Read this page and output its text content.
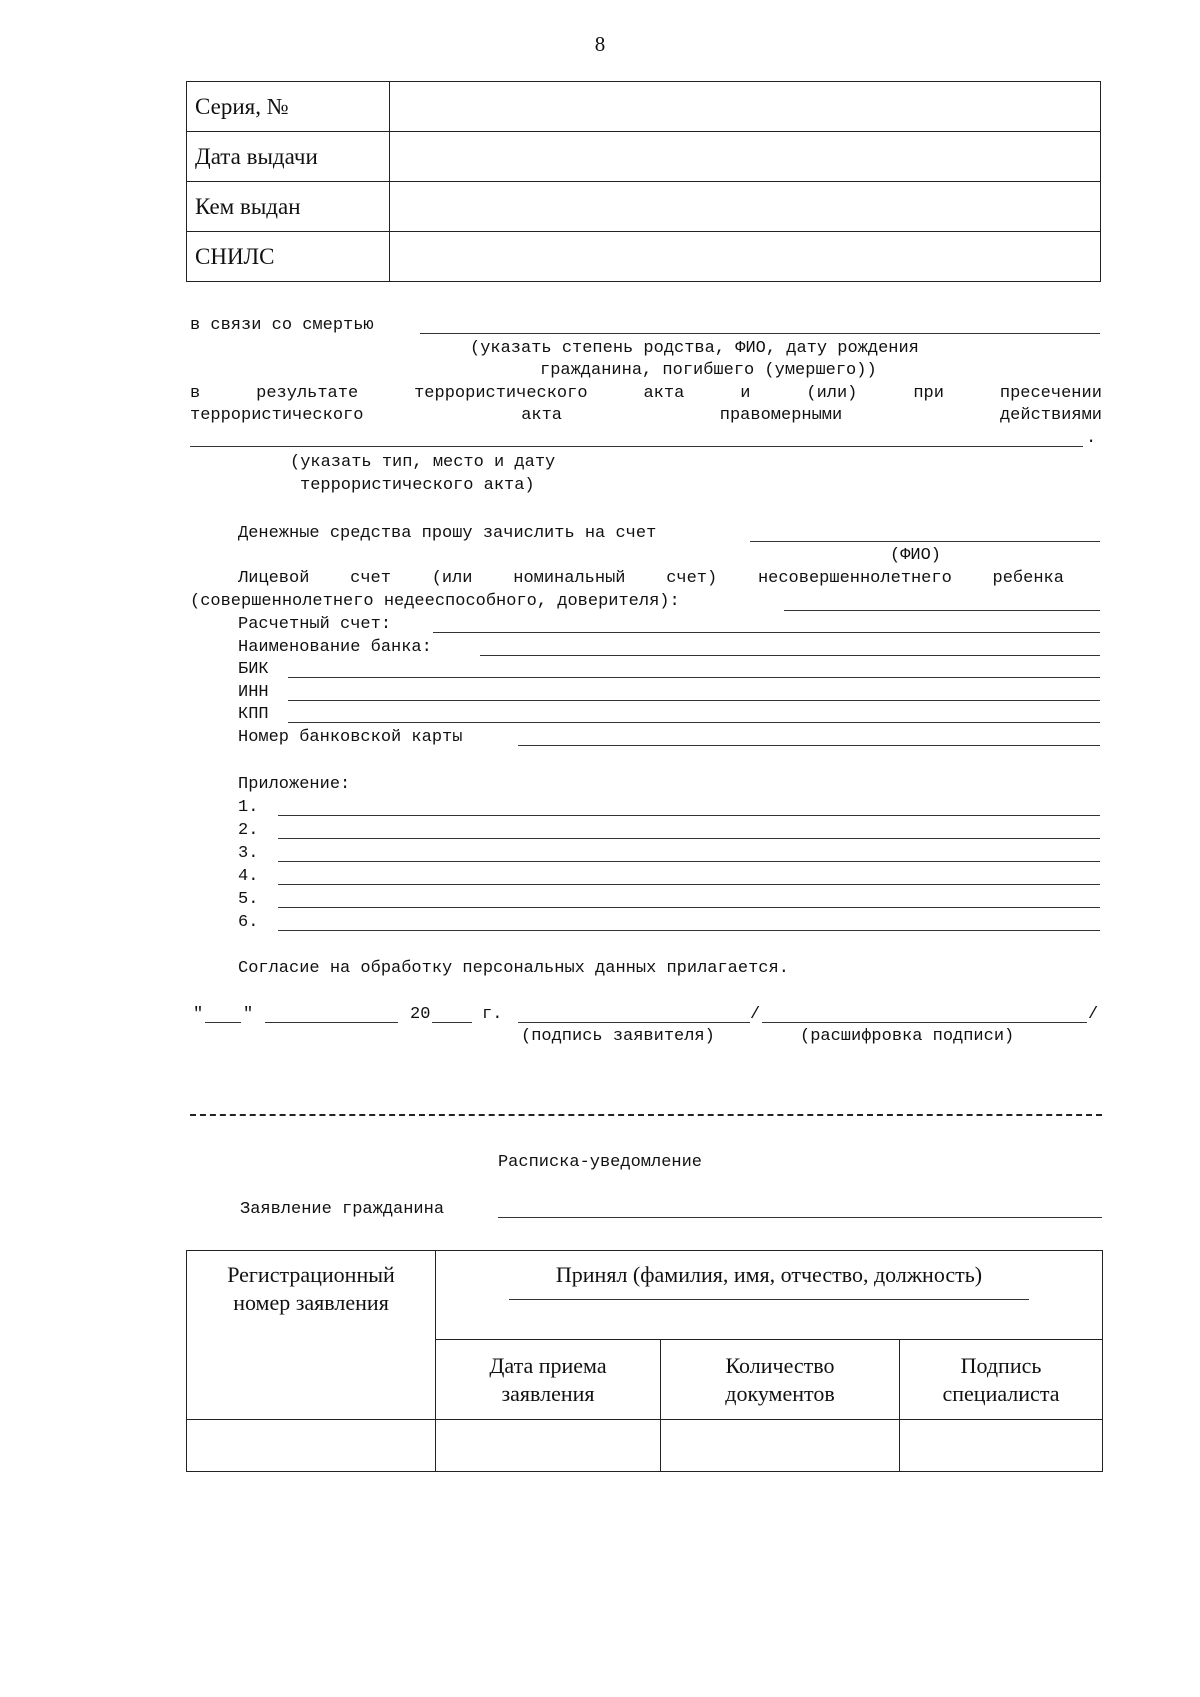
8
Серия, №	
Дата выдачи	
Кем выдан	
СНИЛС	
в связи со смертью
(указать степень родства, ФИО, дату рождения
гражданина, погибшего (умершего))
в	результате	террористического	акта	и	(или)	при	пресечении
террористического	акта	правомерными	действиями
.
(указать тип, место и дату
террористического акта)
Денежные средства прошу зачислить на счет
(ФИО)
Лицевой счет (или номинальный счет) несовершеннолетнего ребенка
(совершеннолетнего недееспособного, доверителя):
Расчетный счет:
Наименование банка:
БИК
ИНН
КПП
Номер банковской карты
Приложение:
1.
2.
3.
4.
5.
6.
Согласие на обработку персональных данных прилагается.
" "	20	г.	/	/
(подпись заявителя)	(расшифровка подписи)
Расписка-уведомление
Заявление гражданина
Регистрационный номер заявления	Принял (фамилия, имя, отчество, должность)		

	Дата приема заявления	Количество документов	Подпись специалиста
